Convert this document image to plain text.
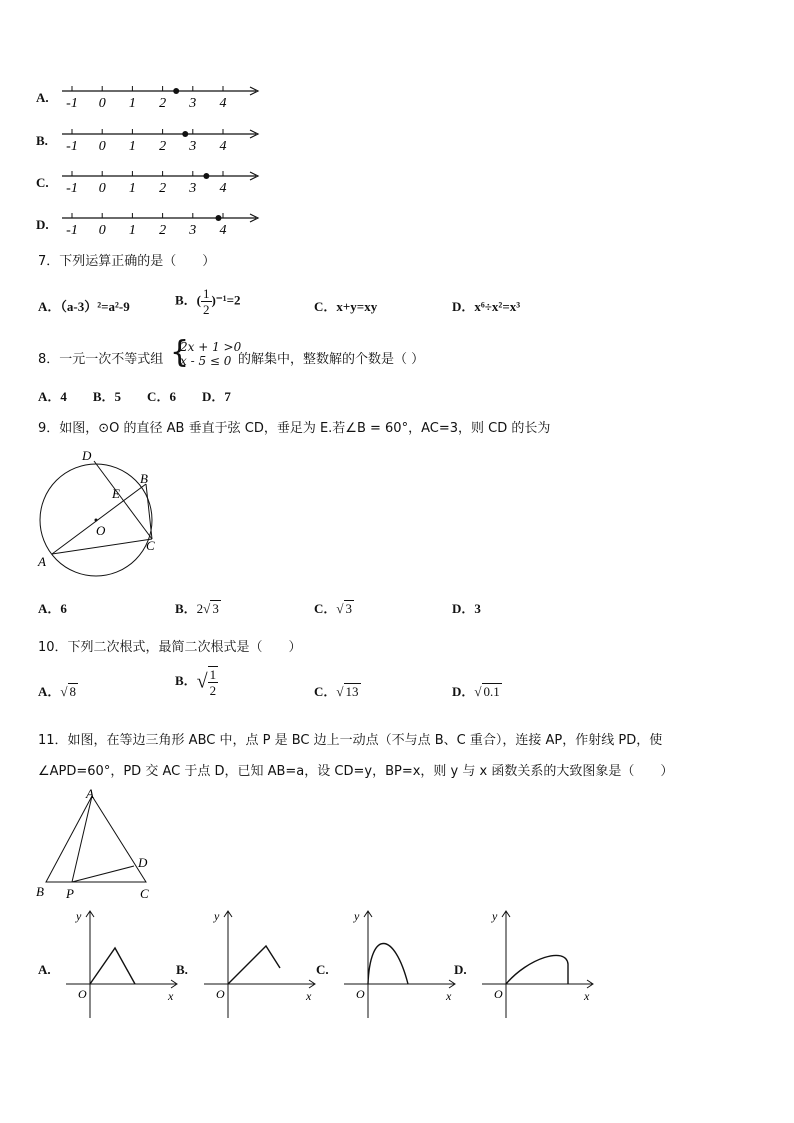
A. -1 0 1 2 3 4
B. -1 0 1 2 3 4
C. -1 0 1 2 3 4
D. -1 0 1 2 3 4
7．下列运算正确的是（　　）
A．（a-3）²=a²-9	B．( $\frac{1}{2} )^{-1}=2$	C．x+y=xy	D．x⁶÷x²=x³
8．一元一次不等式组 {
2x + 1 >0
x - 5 ≤ 0 的解集中，整数解的个数是（ ）
A．4　　B．5　　C．6　　D．7
9．如图，⊙O 的直径 AB 垂直于弦 CD，垂足为 E.若∠B = 60°，AC=3，则 CD 的长为
D
B
E
O
A
C
A．6	B．2√ 3	C．√ 3	D．3
10．下列二次根式，最简二次根式是（　　）
A．√ 8
B．√ $\frac{1}{2}$	C．√ 13	D．√ 0.1
11．如图，在等边三角形 ABC 中，点 P 是 BC 边上一动点（不与点 B、C 重合），连接 AP，作射线 PD，使
∠APD=60°，PD 交 AC 于点 D，已知 AB=a，设 CD=y，BP=x，则 y 与 x 函数关系的大致图象是（　　）
A
B	C
D
P
A.
y
O	x
B.
y
O	x
C.
y
O	x
D.
y
O	x
